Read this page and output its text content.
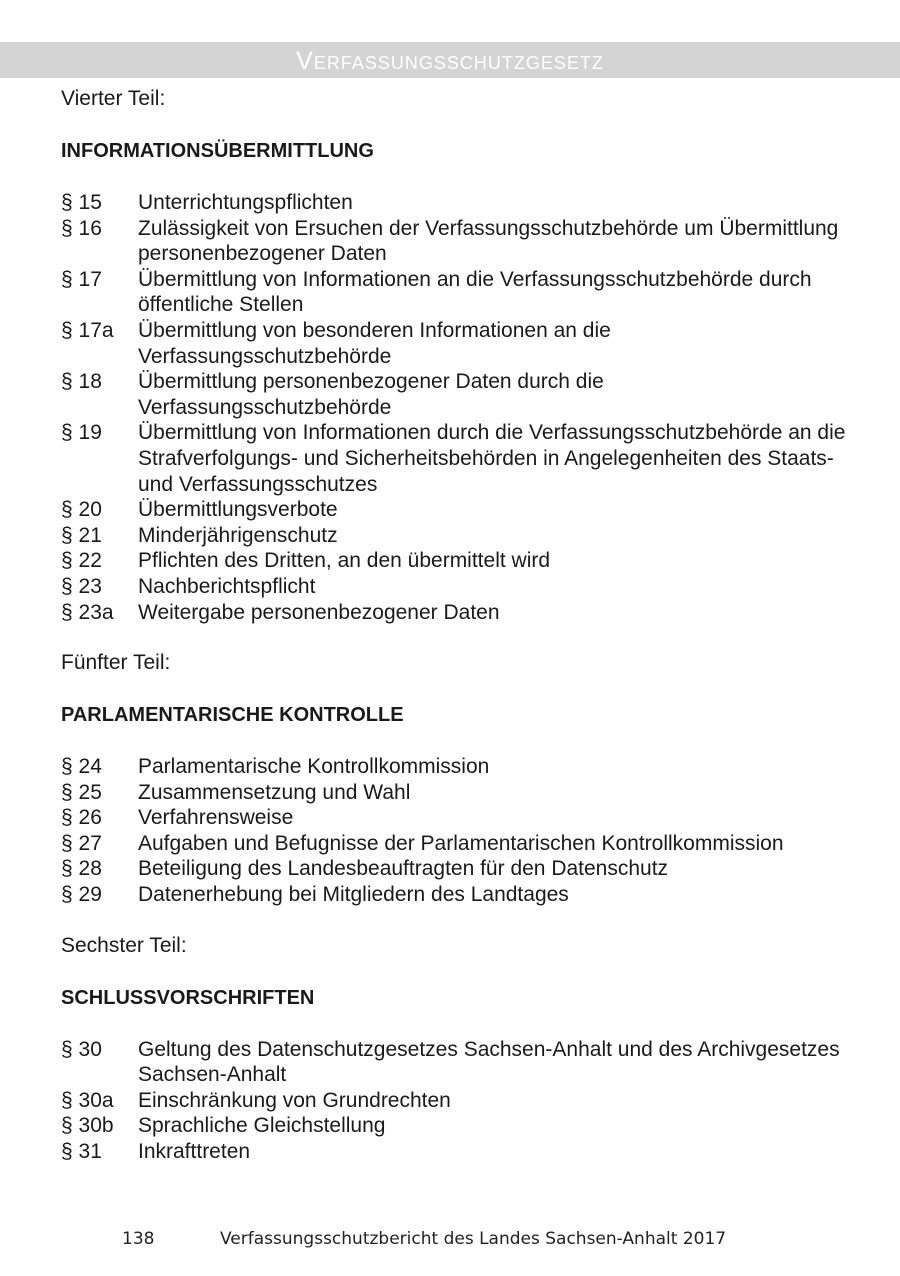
Verfassungsschutzgesetz
Vierter Teil:
INFORMATIONSÜBERMITTLUNG
§ 15	Unterrichtungspflichten
§ 16	Zulässigkeit von Ersuchen der Verfassungsschutzbehörde um Übermittlung personenbezogener Daten
§ 17	Übermittlung von Informationen an die Verfassungsschutzbehörde durch öffentliche Stellen
§ 17a	Übermittlung von besonderen Informationen an die Verfassungsschutzbehörde
§ 18	Übermittlung personenbezogener Daten durch die Verfassungsschutzbehörde
§ 19	Übermittlung von Informationen durch die Verfassungsschutzbehörde an die Strafverfolgungs- und Sicherheitsbehörden in Angelegenheiten des Staats- und Verfassungsschutzes
§ 20	Übermittlungsverbote
§ 21	Minderjährigenschutz
§ 22	Pflichten des Dritten, an den übermittelt wird
§ 23	Nachberichtspflicht
§ 23a	Weitergabe personenbezogener Daten
Fünfter Teil:
PARLAMENTARISCHE KONTROLLE
§ 24	Parlamentarische Kontrollkommission
§ 25	Zusammensetzung und Wahl
§ 26	Verfahrensweise
§ 27	Aufgaben und Befugnisse der Parlamentarischen Kontrollkommission
§ 28	Beteiligung des Landesbeauftragten für den Datenschutz
§ 29	Datenerhebung bei Mitgliedern des Landtages
Sechster Teil:
SCHLUSSVORSCHRIFTEN
§ 30	Geltung des Datenschutzgesetzes Sachsen-Anhalt und des Archivgesetzes Sachsen-Anhalt
§ 30a	Einschränkung von Grundrechten
§ 30b	Sprachliche Gleichstellung
§ 31	Inkrafttreten
138	Verfassungsschutzbericht des Landes Sachsen-Anhalt 2017
